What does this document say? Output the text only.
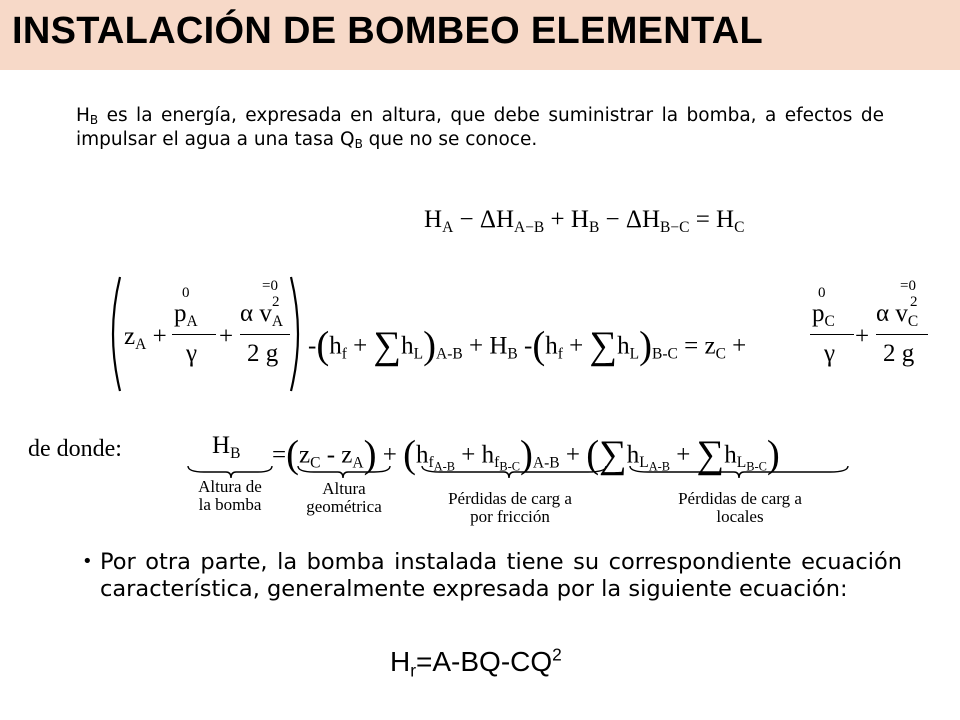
INSTALACIÓN DE BOMBEO ELEMENTAL
$H_B$ es la energía, expresada en altura, que debe suministrar la bomba, a efectos de impulsar el agua a una tasa $Q_B$ que no se conoce.
HA − ΔHA−B + HB − ΔHB−C = HC
zA +
0
pA
γ
+
=0
2
α vA
2 g -(hf + ∑hL)A-B + HB -(hf + ∑hL)B-C = zC +
0
pC
γ
+
=0
2
α vC
2 g
de donde:	HB $=(zC - zA) + (hf_{A-B} + hf_{B-C})A-B + (\sum hL_{A-B} + \sum hL_{B-C})$
Altura de
la bomba
Altura
geométrica	Pérdidas de carg a
por fricción
Pérdidas de carg a
locales
• Por otra parte, la bomba instalada tiene su correspondiente ecuación característica, generalmente expresada por la siguiente ecuación:
$Hr=A-BQ-CQ^2$
